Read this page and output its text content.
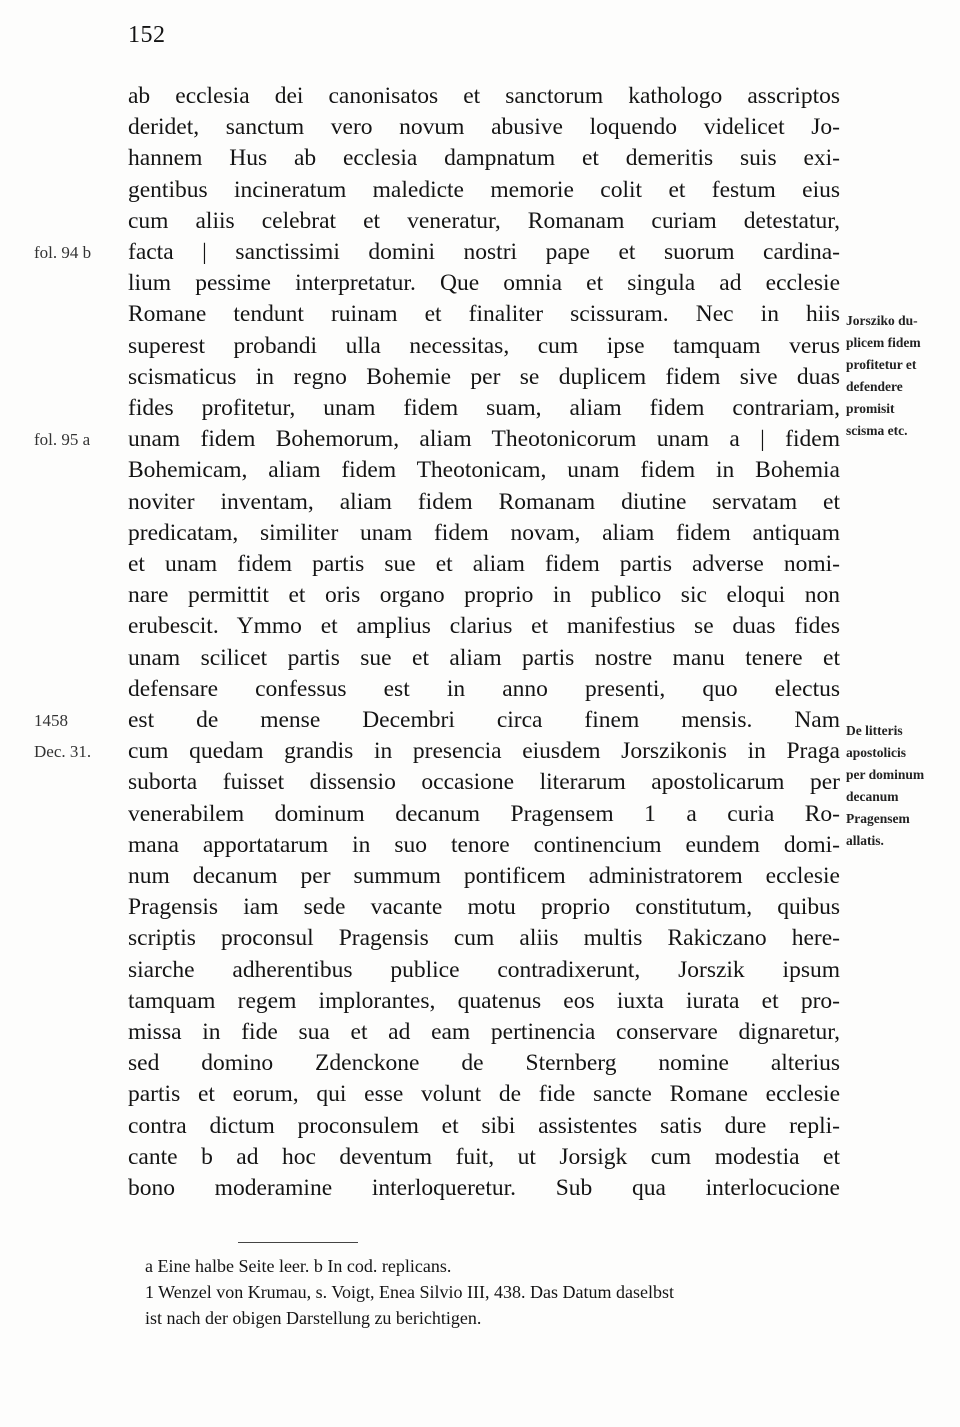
152
ab ecclesia dei canonisatos et sanctorum kathologo asscriptos
deridet, sanctum vero novum abusive loquendo videlicet Jo-
hannem Hus ab ecclesia dampnatum et demeritis suis exi-
gentibus incineratum maledicte memorie colit et festum eius
cum aliis celebrat et veneratur, Romanam curiam detestatur,
facta | sanctissimi domini nostri pape et suorum cardina-
lium pessime interpretatur. Que omnia et singula ad ecclesie
Romane tendunt ruinam et finaliter scissuram. Nec in hiis
superest probandi ulla necessitas, cum ipse tamquam verus
scismaticus in regno Bohemie per se duplicem fidem sive duas
fides profitetur, unam fidem suam, aliam fidem contrariam,
unam fidem Bohemorum, aliam Theotonicorum unam a | fidem
Bohemicam, aliam fidem Theotonicam, unam fidem in Bohemia
noviter inventam, aliam fidem Romanam diutine servatam et
predicatam, similiter unam fidem novam, aliam fidem antiquam
et unam fidem partis sue et aliam fidem partis adverse nomi-
nare permittit et oris organo proprio in publico sic eloqui non
erubescit. Ymmo et amplius clarius et manifestius se duas fides
unam scilicet partis sue et aliam partis nostre manu tenere et
defensare confessus est in anno presenti, quo electus
est de mense Decembri circa finem mensis. Nam
cum quedam grandis in presencia eiusdem Jorszikonis in Praga
suborta fuisset dissensio occasione literarum apostolicarum per
venerabilem dominum decanum Pragensem 1 a curia Ro-
mana apportatarum in suo tenore continencium eundem domi-
num decanum per summum pontificem administratorem ecclesie
Pragensis iam sede vacante motu proprio constitutum, quibus
scriptis proconsul Pragensis cum aliis multis Rakiczano here-
siarche adherentibus publice contradixerunt, Jorszik ipsum
tamquam regem implorantes, quatenus eos iuxta iurata et pro-
missa in fide sua et ad eam pertinencia conservare dignaretur,
sed domino Zdenckone de Sternberg nomine alterius
partis et eorum, qui esse volunt de fide sancte Romane ecclesie
contra dictum proconsulem et sibi assistentes satis dure repli-
cante b ad hoc deventum fuit, ut Jorsigk cum modestia et
bono moderamine interloqueretur. Sub qua interlocucione
fol. 94 b
fol. 95 a
1458
Dec. 31.
Jorsziko du-
plicem fidem
profitetur et
defendere
promisit
scisma etc.
De litteris
apostolicis
per dominum
decanum
Pragensem
allatis.
a Eine halbe Seite leer. b In cod. replicans.
1 Wenzel von Krumau, s. Voigt, Enea Silvio III, 438. Das Datum daselbst
ist nach der obigen Darstellung zu berichtigen.
